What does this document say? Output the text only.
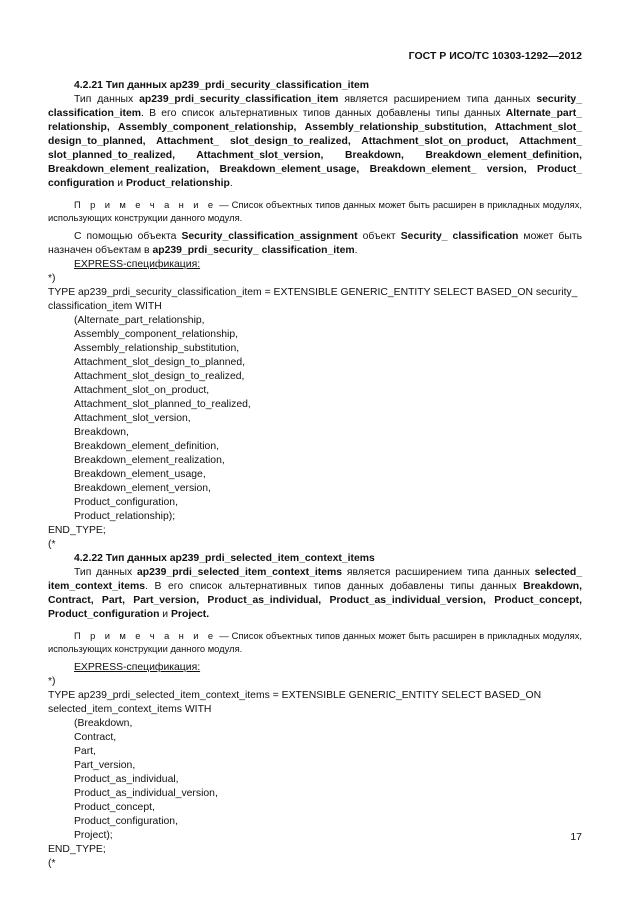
ГОСТ Р ИСО/ТС 10303-1292—2012

4.2.21 Тип данных ap239_prdi_security_classification_item

Тип данных ap239_prdi_security_classification_item является расширением типа данных security_ classification_item. В его список альтернативных типов данных добавлены типы данных Alternate_part_ relationship, Assembly_component_relationship, Assembly_relationship_substitution, Attachment_slot_ design_to_planned, Attachment_ slot_design_to_realized, Attachment_slot_on_product, Attachment_ slot_planned_to_realized, Attachment_slot_version, Breakdown, Breakdown_element_definition, Breakdown_element_realization, Breakdown_element_usage, Breakdown_element_ version, Product_ configuration и Product_relationship.

П р и м е ч а н и е — Список объектных типов данных может быть расширен в прикладных модулях, использующих конструкции данного модуля.

С помощью объекта Security_classification_assignment объект Security_ classification может быть назначен объектам в ap239_prdi_security_ classification_item.

EXPRESS-спецификация:

*)

TYPE ap239_prdi_security_classification_item = EXTENSIBLE GENERIC_ENTITY SELECT BASED_ON security_

classification_item WITH

(Alternate_part_relationship,

Assembly_component_relationship,

Assembly_relationship_substitution,

Attachment_slot_design_to_planned,

Attachment_slot_design_to_realized,

Attachment_slot_on_product,

Attachment_slot_planned_to_realized,

Attachment_slot_version,

Breakdown,

Breakdown_element_definition,

Breakdown_element_realization,

Breakdown_element_usage,

Breakdown_element_version,

Product_configuration,

Product_relationship);

END_TYPE;

(*

4.2.22 Тип данных ap239_prdi_selected_item_context_items

Тип данных ap239_prdi_selected_item_context_items является расширением типа данных selected_ item_context_items. В его список альтернативных типов данных добавлены типы данных Breakdown, Contract, Part, Part_version, Product_as_individual, Product_as_individual_version, Product_concept, Product_configuration и Project.

П р и м е ч а н и е — Список объектных типов данных может быть расширен в прикладных модулях, использующих конструкции данного модуля.

EXPRESS-спецификация:

*)

TYPE ap239_prdi_selected_item_context_items = EXTENSIBLE GENERIC_ENTITY SELECT BASED_ON

selected_item_context_items WITH

(Breakdown,

Contract,

Part,

Part_version,

Product_as_individual,

Product_as_individual_version,

Product_concept,

Product_configuration,

Project);

END_TYPE;

(*

17
